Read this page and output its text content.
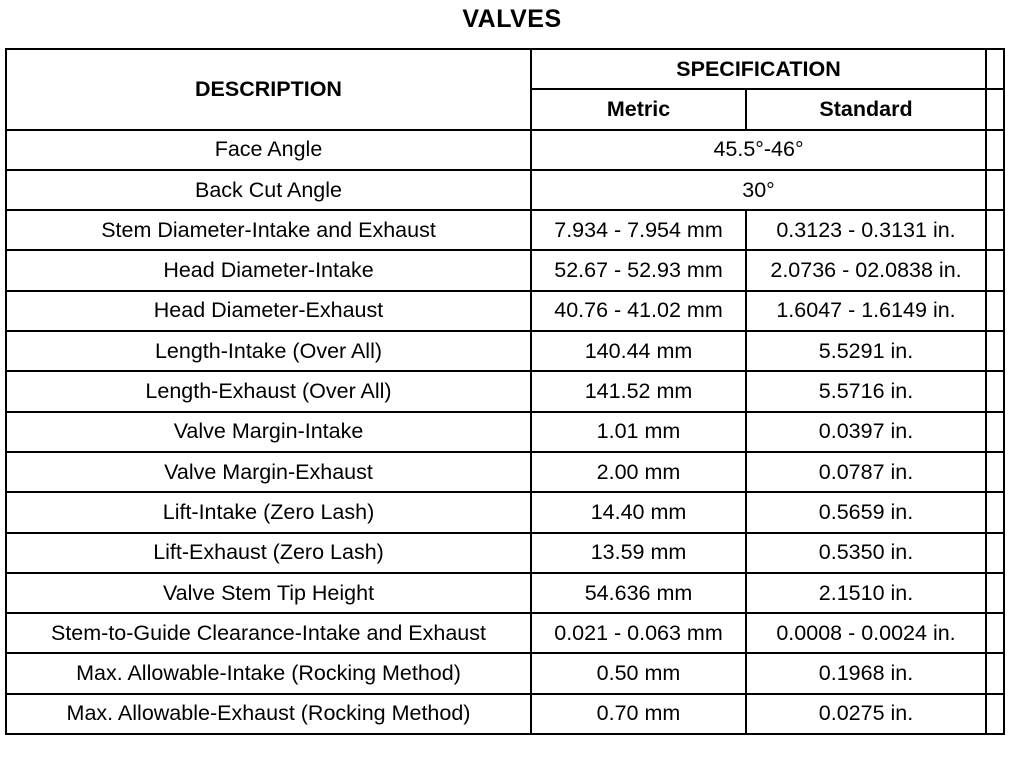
VALVES
DESCRIPTION	SPECIFICATION		
	Metric	Standard	
Face Angle	45.5°-46°		
Back Cut Angle	30°		
Stem Diameter-Intake and Exhaust	7.934 - 7.954 mm	0.3123 - 0.3131 in.	
Head Diameter-Intake	52.67 - 52.93 mm	2.0736 - 02.0838 in.	
Head Diameter-Exhaust	40.76 - 41.02 mm	1.6047 - 1.6149 in.	
Length-Intake (Over All)	140.44 mm	5.5291 in.	
Length-Exhaust (Over All)	141.52 mm	5.5716 in.	
Valve Margin-Intake	1.01 mm	0.0397 in.	
Valve Margin-Exhaust	2.00 mm	0.0787 in.	
Lift-Intake (Zero Lash)	14.40 mm	0.5659 in.	
Lift-Exhaust (Zero Lash)	13.59 mm	0.5350 in.	
Valve Stem Tip Height	54.636 mm	2.1510 in.	
Stem-to-Guide Clearance-Intake and Exhaust	0.021 - 0.063 mm	0.0008 - 0.0024 in.	
Max. Allowable-Intake (Rocking Method)	0.50 mm	0.1968 in.	
Max. Allowable-Exhaust (Rocking Method)	0.70 mm	0.0275 in.	
